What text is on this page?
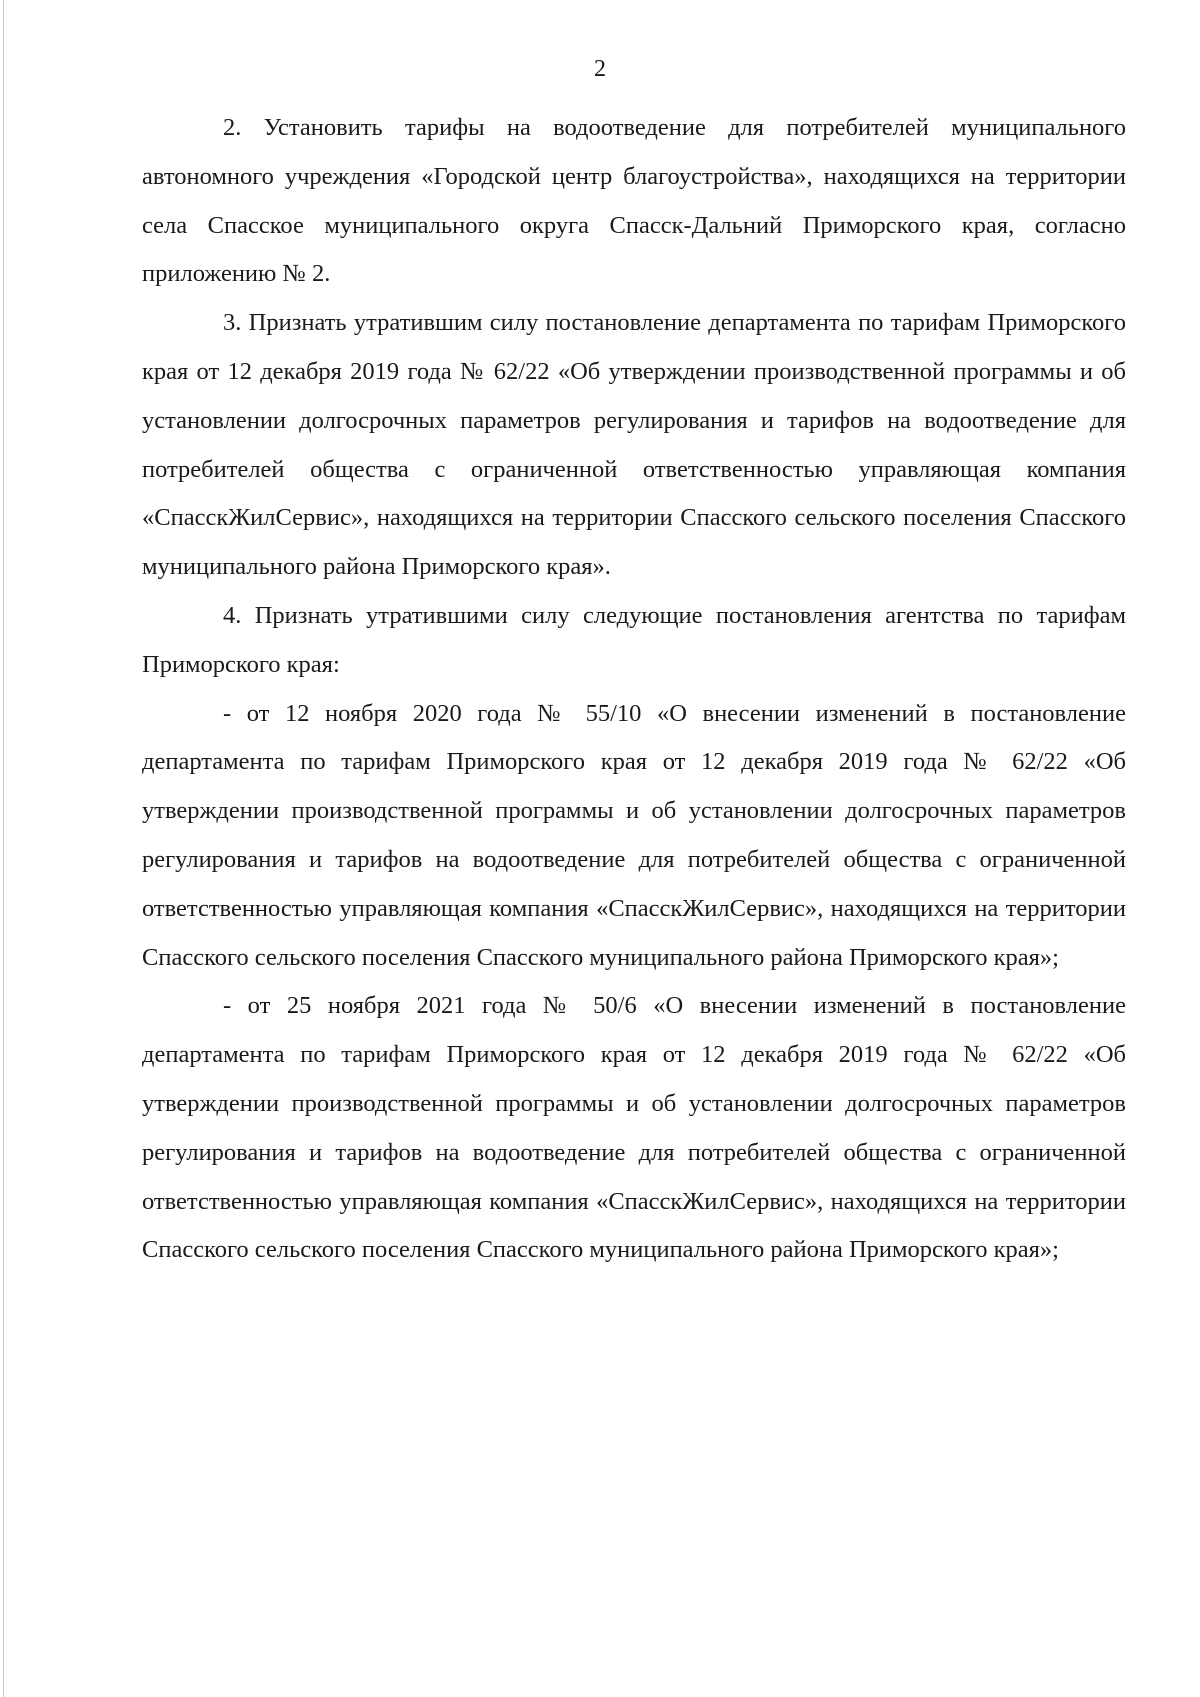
2

2. Установить тарифы на водоотведение для потребителей муниципального автономного учреждения «Городской центр благоустройства», находящихся на территории села Спасское муниципального округа Спасск-Дальний Приморского края, согласно приложению № 2.

3. Признать утратившим силу постановление департамента по тарифам Приморского края от 12 декабря 2019 года № 62/22 «Об утверждении производственной программы и об установлении долгосрочных параметров регулирования и тарифов на водоотведение для потребителей общества с ограниченной ответственностью управляющая компания «СпасскЖилСервис», находящихся на территории Спасского сельского поселения Спасского муниципального района Приморского края».

4. Признать утратившими силу следующие постановления агентства по тарифам Приморского края:

- от 12 ноября 2020 года № 55/10 «О внесении изменений в постановление департамента по тарифам Приморского края от 12 декабря 2019 года № 62/22 «Об утверждении производственной программы и об установлении долгосрочных параметров регулирования и тарифов на водоотведение для потребителей общества с ограниченной ответственностью управляющая компания «СпасскЖилСервис», находящихся на территории Спасского сельского поселения Спасского муниципального района Приморского края»;

- от 25 ноября 2021 года № 50/6 «О внесении изменений в постановление департамента по тарифам Приморского края от 12 декабря 2019 года № 62/22 «Об утверждении производственной программы и об установлении долгосрочных параметров регулирования и тарифов на водоотведение для потребителей общества с ограниченной ответственностью управляющая компания «СпасскЖилСервис», находящихся на территории Спасского сельского поселения Спасского муниципального района Приморского края»;
